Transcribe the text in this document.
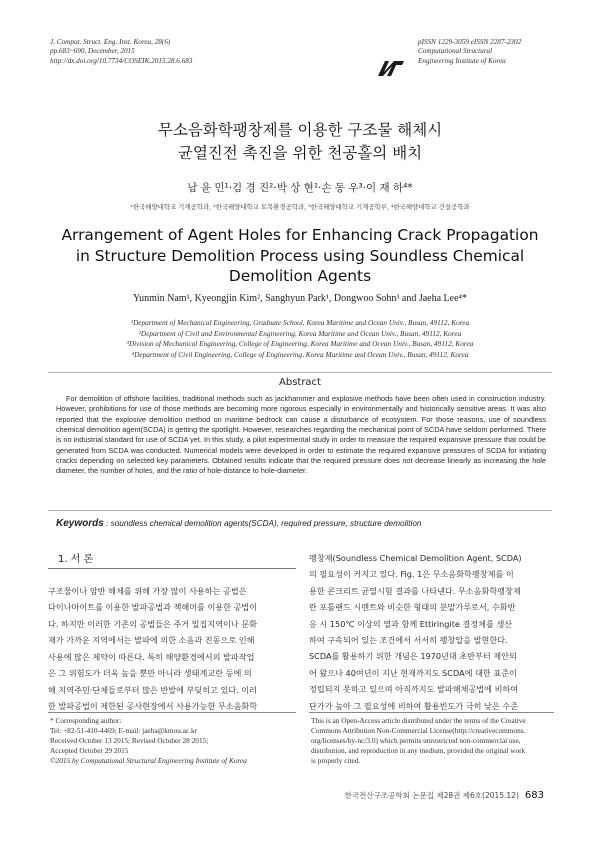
J. Comput. Struct. Eng. Inst. Korea, 28(6)
pp.683~690, December, 2015
http://dx.doi.org/10.7734/COSEIK.2015.28.6.683
pISSN 1229-3059 eISSN 2287-2302
Computational Structural
Engineering Institute of Korea
무소음화학팽창제를 이용한 구조물 해체시
균열진전 촉진을 위한 천공홀의 배치
남 윤 민¹·김 경 진²·박 상 현¹·손 동 우³·이 재 하⁴*
¹한국해양대학교 기계공학과, ²한국해양대학교 토목환경공학과, ³한국해양대학교 기계공학부, ⁴한국해양대학교 건설공학과
Arrangement of Agent Holes for Enhancing Crack Propagation
in Structure Demolition Process using Soundless Chemical
Demolition Agents
Yunmin Nam¹, Kyeongjin Kim², Sanghyun Park¹, Dongwoo Sohn³ and Jaeha Lee⁴*
¹Department of Mechanical Engineering, Graduate School, Korea Maritime and Ocean Univ., Busan, 49112, Korea
²Department of Civil and Environmental Engineering, Korea Maritime and Ocean Univ., Busan, 49112, Korea
³Division of Mechanical Engineering, College of Engineering, Korea Maritime and Ocean Univ., Busan, 49112, Korea
⁴Department of Civil Engineering, College of Engineering, Korea Maritime and Ocean Univ., Busan, 49112, Korea
Abstract
For demolition of offshore facilities, traditional methods such as jackhammer and explosive methods have been often used in construction industry. However, prohibitions for use of those methods are becoming more rigorous especially in environmentally and historically sensitive areas. It was also reported that the explosive demolition method on maritime bedrock can cause a disturbance of ecosystem. For those reasons, use of soundless chemical demolition agent(SCDA) is getting the spotlight. However, researches regarding the mechanical point of SCDA have seldom performed. There is no industrial standard for use of SCDA yet. In this study, a pilot experimental study in order to measure the required expansive pressure that could be generated from SCDA was conducted. Numerical models were developed in order to estimate the required expansive pressures of SCDA for initiating cracks depending on selected key parameters. Obtained results indicate that the required pressure does not decrease linearly as increasing the hole diameter, the number of holes, and the ratio of hole-distance to hole-diameter.
Keywords : soundless chemical demolition agents(SCDA), required pressure, structure demolition
1. 서 론
구조물이나 암반 해체를 위해 가장 많이 사용하는 공법은
다이나마이트를 이용한 발파공법과 잭해머를 이용한 공법이
다. 하지만 이러한 기존의 공법들은 주거 밀집지역이나 문화
재가 가까운 지역에서는 발파에 의한 소음과 진동으로 인해
사용에 많은 제약이 따른다. 특히 해양환경에서의 발파작업
은 그 위험도가 더욱 높을 뿐만 아니라 생태계교란 등에 의
해 지역주민·단체들로부터 많은 반발에 부딪히고 있다. 이러
한 발파공법이 제한된 공사현장에서 사용가능한 무소음화학
팽창제(Soundless Chemical Demolition Agent, SCDA)
의 필요성이 커지고 있다. Fig. 1은 무소음화학팽창제를 이
용한 콘크리트 균열시험 결과를 나타낸다. 무소음화학팽창제
란 포틀랜드 시멘트와 비슷한 형태의 분말가루로서, 수화반
응 시 150℃ 이상의 열과 함께 Ettiringite 결정체를 생산
하여 구속되어 있는 조건에서 서서히 팽창압을 발현한다.
SCDA를 활용하기 위한 개념은 1970년대 초반부터 제안되
어 왔으나 40여년이 지난 현재까지도 SCDA에 대한 표준이
정립되지 못하고 있으며 아직까지도 발파해체공법에 비하여
단가가 높아 그 필요성에 비하여 활용빈도가 극히 낮은 수준
* Corresponding author:
Tel: +82-51-410-4469; E-mail: jaeha@kmou.ac.kr
Received October 13 2015; Revised October 28 2015;
Accepted October 29 2015
©2015 by Computational Structural Engineering Institute of Korea
This is an Open-Access article distributed under the terms of the Creative
Commons Attribution Non-Commercial License(http://creativecommons.
org/licenses/by-nc/3.0) which permits unrestricted non-commercial use,
distribution, and reproduction in any medium, provided the original work
is properly cited.
한국전산구조공학회 논문집 제28권 제6호(2015.12) 683
